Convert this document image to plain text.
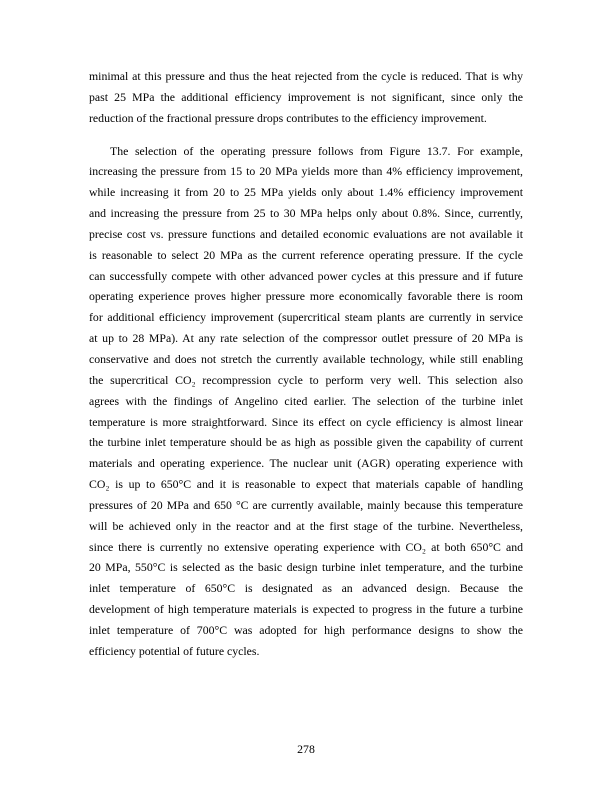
minimal at this pressure and thus the heat rejected from the cycle is reduced. That is why
past 25 MPa the additional efficiency improvement is not significant, since only the
reduction of the fractional pressure drops contributes to the efficiency improvement.
The selection of the operating pressure follows from Figure 13.7. For example,
increasing the pressure from 15 to 20 MPa yields more than 4% efficiency improvement,
while increasing it from 20 to 25 MPa yields only about 1.4% efficiency improvement
and increasing the pressure from 25 to 30 MPa helps only about 0.8%. Since, currently,
precise cost vs. pressure functions and detailed economic evaluations are not available it
is reasonable to select 20 MPa as the current reference operating pressure. If the cycle
can successfully compete with other advanced power cycles at this pressure and if future
operating experience proves higher pressure more economically favorable there is room
for additional efficiency improvement (supercritical steam plants are currently in service
at up to 28 MPa). At any rate selection of the compressor outlet pressure of 20 MPa is
conservative and does not stretch the currently available technology, while still enabling
the supercritical CO₂ recompression cycle to perform very well. This selection also
agrees with the findings of Angelino cited earlier. The selection of the turbine inlet
temperature is more straightforward. Since its effect on cycle efficiency is almost linear
the turbine inlet temperature should be as high as possible given the capability of current
materials and operating experience. The nuclear unit (AGR) operating experience with
CO₂ is up to 650°C and it is reasonable to expect that materials capable of handling
pressures of 20 MPa and 650 °C are currently available, mainly because this temperature
will be achieved only in the reactor and at the first stage of the turbine. Nevertheless,
since there is currently no extensive operating experience with CO₂ at both 650°C and
20 MPa, 550°C is selected as the basic design turbine inlet temperature, and the turbine
inlet temperature of 650°C is designated as an advanced design. Because the
development of high temperature materials is expected to progress in the future a turbine
inlet temperature of 700°C was adopted for high performance designs to show the
efficiency potential of future cycles.
278
